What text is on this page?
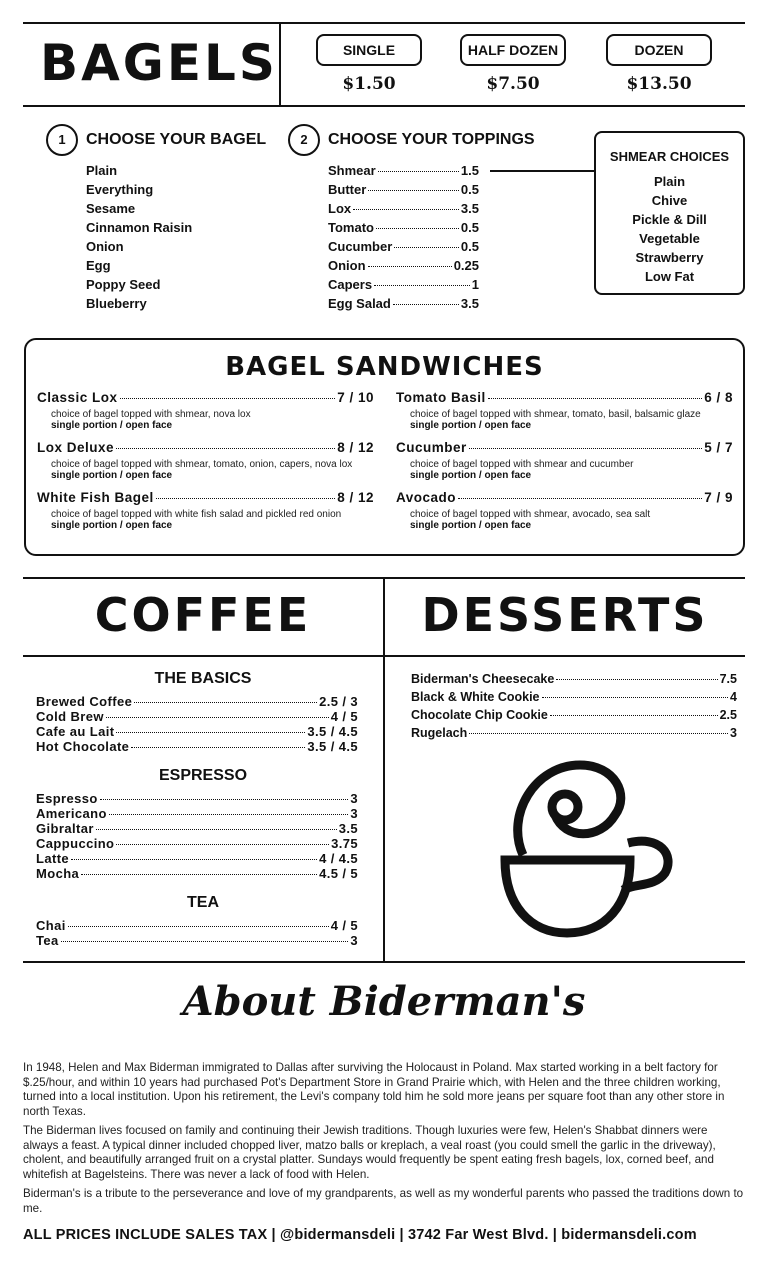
BAGELS	SINGLE
$1.50
HALF DOZEN
$7.50
DOZEN
$13.50
1	CHOOSE YOUR BAGEL	2	CHOOSE YOUR TOPPINGS
Plain
Everything
Sesame
Cinnamon Raisin
Onion
Egg
Poppy Seed
Blueberry
Shmear	1.5
Butter	0.5
Lox	3.5
Tomato	0.5
Cucumber	0.5
Onion	0.25
Capers	1
Egg Salad	3.5
SHMEAR CHOICES
Plain
Chive
Pickle & Dill
Vegetable
Strawberry
Low Fat
BAGEL SANDWICHES
Classic Lox	7 / 10
choice of bagel topped with shmear, nova lox
single portion / open face
Tomato Basil	6 / 8
choice of bagel topped with shmear, tomato, basil, balsamic glaze
single portion / open face
Lox Deluxe	8 / 12
choice of bagel topped with shmear, tomato, onion, capers, nova lox
single portion / open face
Cucumber	5 / 7
choice of bagel topped with shmear and cucumber
single portion / open face
White Fish Bagel	8 / 12
choice of bagel topped with white fish salad and pickled red onion
single portion / open face
Avocado	7 / 9
choice of bagel topped with shmear, avocado, sea salt
single portion / open face
COFFEE	DESSERTS
THE BASICS
Brewed Coffee	2.5 / 3
Cold Brew	4 / 5
Cafe au Lait	3.5 / 4.5
Hot Chocolate	3.5 / 4.5
ESPRESSO
Espresso	3
Americano	3
Gibraltar	3.5
Cappuccino	3.75
Latte	4 / 4.5
Mocha	4.5 / 5
TEA
Chai	4 / 5
Tea	3
Biderman's Cheesecake	7.5
Black & White Cookie	4
Chocolate Chip Cookie	2.5
Rugelach	3
About Biderman's

In 1948, Helen and Max Biderman immigrated to Dallas after surviving the Holocaust in Poland. Max started working in a belt factory for $.25/hour, and within 10 years had purchased Pot's Department Store in Grand Prairie which, with Helen and the three children working, turned into a local institution. Upon his retirement, the Levi's company told him he sold more jeans per square foot than any other store in north Texas.

The Biderman lives focused on family and continuing their Jewish traditions. Though luxuries were few, Helen's Shabbat dinners were always a feast. A typical dinner included chopped liver, matzo balls or kreplach, a veal roast (you could smell the garlic in the driveway), cholent, and beautifully arranged fruit on a crystal platter. Sundays would frequently be spent eating fresh bagels, lox, corned beef, and whitefish at Bagelsteins. There was never a lack of food with Helen.

Biderman's is a tribute to the perseverance and love of my grandparents, as well as my wonderful parents who passed the traditions down to me.

ALL PRICES INCLUDE SALES TAX | @bidermansdeli | 3742 Far West Blvd. | bidermansdeli.com
